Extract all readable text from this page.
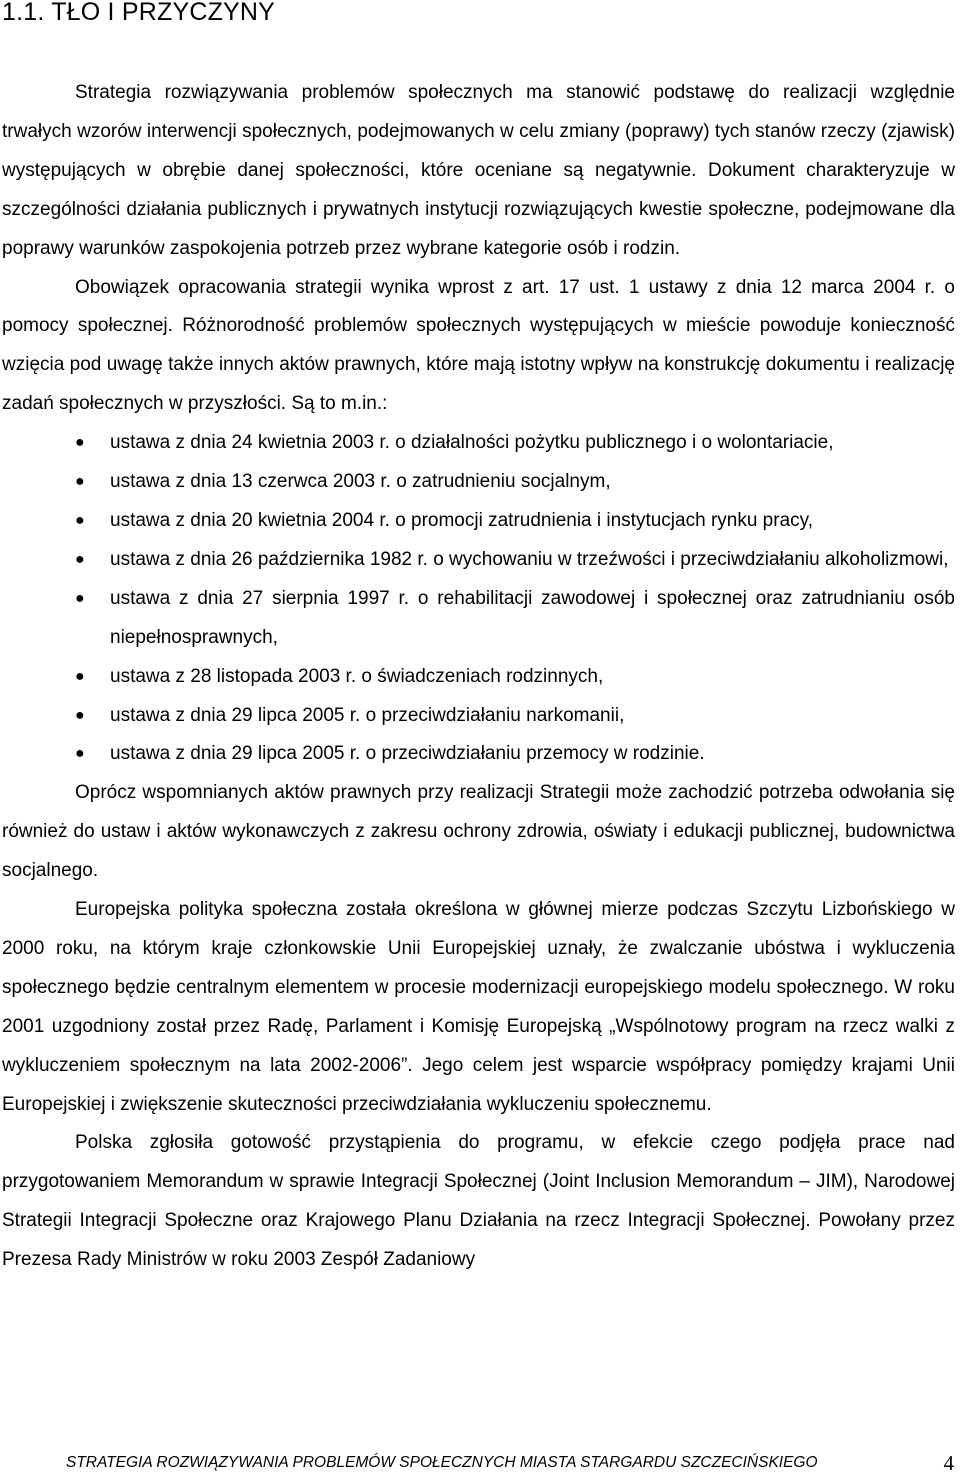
1.1. TŁO I PRZYCZYNY

Strategia rozwiązywania problemów społecznych ma stanowić podstawę do realizacji względnie trwałych wzorów interwencji społecznych, podejmowanych w celu zmiany (poprawy) tych stanów rzeczy (zjawisk) występujących w obrębie danej społeczności, które oceniane są negatywnie. Dokument charakteryzuje w szczególności działania publicznych i prywatnych instytucji rozwiązujących kwestie społeczne, podejmowane dla poprawy warunków zaspokojenia potrzeb przez wybrane kategorie osób i rodzin.

Obowiązek opracowania strategii wynika wprost z art. 17 ust. 1 ustawy z dnia 12 marca 2004 r. o pomocy społecznej. Różnorodność problemów społecznych występujących w mieście powoduje konieczność wzięcia pod uwagę także innych aktów prawnych, które mają istotny wpływ na konstrukcję dokumentu i realizację zadań społecznych w przyszłości. Są to m.in.:

● ustawa z dnia 24 kwietnia 2003 r. o działalności pożytku publicznego i o wolontariacie,
● ustawa z dnia 13 czerwca 2003 r. o zatrudnieniu socjalnym,
● ustawa z dnia 20 kwietnia 2004 r. o promocji zatrudnienia i instytucjach rynku pracy,
● ustawa z dnia 26 października 1982 r. o wychowaniu w trzeźwości i przeciwdziałaniu alkoholizmowi,
● ustawa z dnia 27 sierpnia 1997 r. o rehabilitacji zawodowej i społecznej oraz zatrudnianiu osób niepełnosprawnych,
● ustawa z 28 listopada 2003 r. o świadczeniach rodzinnych,
● ustawa z dnia 29 lipca 2005 r. o przeciwdziałaniu narkomanii,
● ustawa z dnia 29 lipca 2005 r. o przeciwdziałaniu przemocy w rodzinie.

Oprócz wspomnianych aktów prawnych przy realizacji Strategii może zachodzić potrzeba odwołania się również do ustaw i aktów wykonawczych z zakresu ochrony zdrowia, oświaty i edukacji publicznej, budownictwa socjalnego.

Europejska polityka społeczna została określona w głównej mierze podczas Szczytu Lizbońskiego w 2000 roku, na którym kraje członkowskie Unii Europejskiej uznały, że zwalczanie ubóstwa i wykluczenia społecznego będzie centralnym elementem w procesie modernizacji europejskiego modelu społecznego. W roku 2001 uzgodniony został przez Radę, Parlament i Komisję Europejską „Wspólnotowy program na rzecz walki z wykluczeniem społecznym na lata 2002-2006”. Jego celem jest wsparcie współpracy pomiędzy krajami Unii Europejskiej i zwiększenie skuteczności przeciwdziałania wykluczeniu społecznemu.

Polska zgłosiła gotowość przystąpienia do programu, w efekcie czego podjęła prace nad przygotowaniem Memorandum w sprawie Integracji Społecznej (Joint Inclusion Memorandum – JIM), Narodowej Strategii Integracji Społeczne oraz Krajowego Planu Działania na rzecz Integracji Społecznej. Powołany przez Prezesa Rady Ministrów w roku 2003 Zespół Zadaniowy

STRATEGIA ROZWIĄZYWANIA PROBLEMÓW SPOŁECZNYCH MIASTA STARGARDU SZCZECIŃSKIEGO	4
